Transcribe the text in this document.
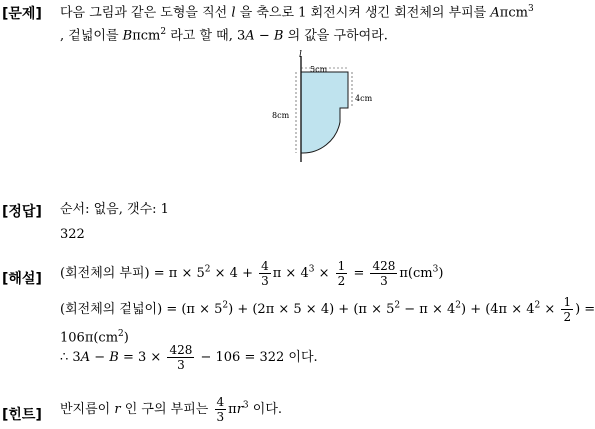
[문제] 다음 그림과 같은 도형을 직선 l 을 축으로 1 회전시켜 생긴 회전체의 부피를 Aπcm$^3$
, 겉넓이를 Bπcm$^2$ 라고 할 때, 3A − B 의 값을 구하여라.
l
5cm
4cm
8cm
[정답] 순서: 없음, 갯수: 1
322
[해설] (회전체의 부피) = $\pi \times 5^2 \times 4 + \frac{4}{3}$ $\pi \times 4^3 \times \frac{1}{2} = \frac{428}{3} \pi(cm^3)$
(회전체의 겉넓이) = $(\pi \times 5^2) + (2\pi \times 5 \times 4) + (\pi \times 5^2 - \pi \times 4^2) + (4\pi \times 4^2 \times \frac{1}{2}$ ) =
$106\pi(cm^2)$
∴ $3A - B = 3 \times \frac{428}{3} - 106 = 322$ 이다.
[힌트] 반지름이 r 인 구의 부피는 $\frac{4}{3} \pi r^3$ 이다.
